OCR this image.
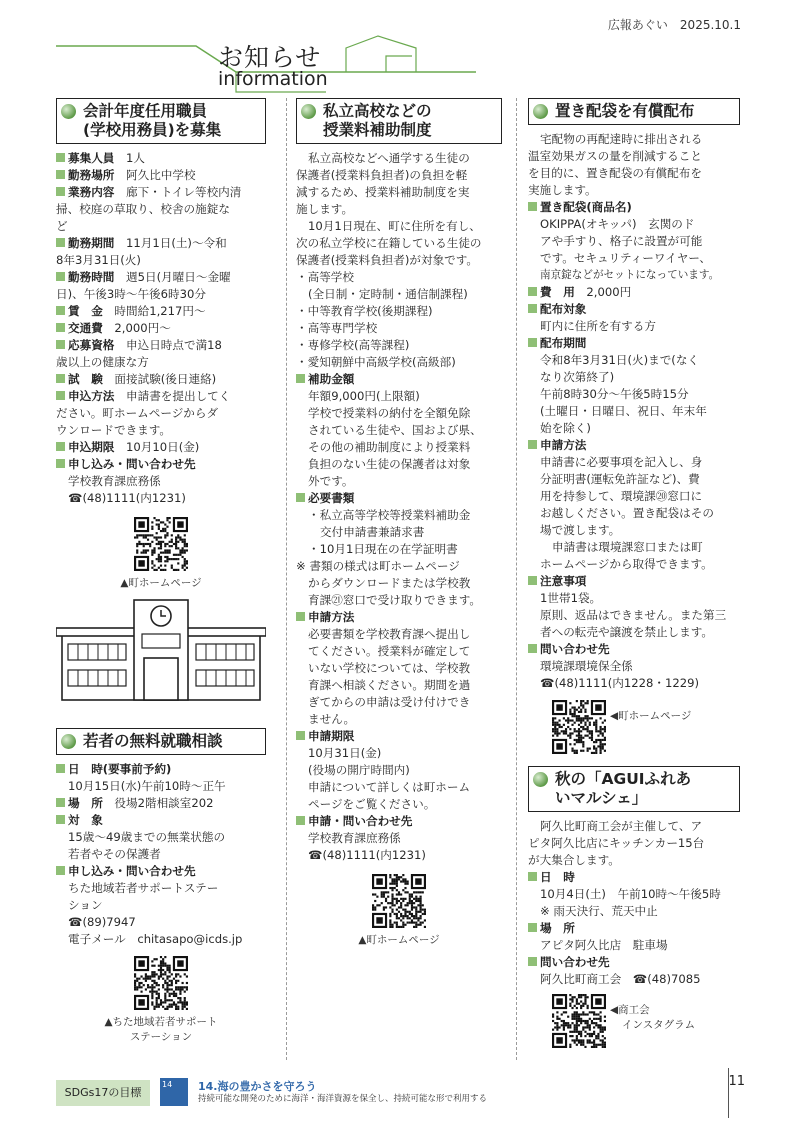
広報あぐい　2025.10.1
お知らせ
information
会計年度任用職員
(学校用務員)を募集
募集人員　 1人
勤務場所　 阿久比中学校
業務内容　 廊下・トイレ等校内清
掃、校庭の草取り、校舎の施錠な
ど
勤務期間　 11月1日(土)～令和
8年3月31日(火)
勤務時間　 週5日(月曜日～金曜
日)、午後3時～午後6時30分
賃　金　 時間給1,217円～
交通費　 2,000円～
応募資格　 申込日時点で満18
歳以上の健康な方
試　験　 面接試験(後日連絡)
申込方法　 申請書を提出してく
ださい。町ホームページからダ
ウンロードできます。
申込期限　 10月10日(金)
申し込み・問い合わせ先
学校教育課庶務係
☎(48)1111(内1231)
▲町ホームページ
若者の無料就職相談
日　時(要事前予約)
10月15日(水)午前10時～正午
場　所　 役場2階相談室202
対　象
15歳～49歳までの無業状態の
若者やその保護者
申し込み・問い合わせ先
ちた地域若者サポートステー
ション
☎(89)7947
電子メール　chitasapo@icds.jp
▲ちた地域若者サポート
ステーション
私立高校などの
授業料補助制度
私立高校などへ通学する生徒の
保護者(授業料負担者)の負担を軽
減するため、授業料補助制度を実
施します。
10月1日現在、町に住所を有し、
次の私立学校に在籍している生徒の
保護者(授業料負担者)が対象です。
・高等学校
(全日制・定時制・通信制課程)
・中等教育学校(後期課程)
・高等専門学校
・専修学校(高等課程)
・愛知朝鮮中高級学校(高級部)
補助金額
年額9,000円(上限額)
学校で授業料の納付を全額免除
されている生徒や、国および県、
その他の補助制度により授業料
負担のない生徒の保護者は対象
外です。
必要書類
・私立高等学校等授業料補助金
交付申請書兼請求書
・10月1日現在の在学証明書
※ 書類の様式は町ホームページ
からダウンロードまたは学校教
育課㉑窓口で受け取りできます。
申請方法
必要書類を学校教育課へ提出し
てください。授業料が確定して
いない学校については、学校教
育課へ相談ください。期間を過
ぎてからの申請は受け付けでき
ません。
申請期限
10月31日(金)
(役場の開庁時間内)
申請について詳しくは町ホーム
ページをご覧ください。
申請・問い合わせ先
学校教育課庶務係
☎(48)1111(内1231)
▲町ホームページ
置き配袋を有償配布
宅配物の再配達時に排出される
温室効果ガスの量を削減すること
を目的に、置き配袋の有償配布を
実施します。
置き配袋(商品名)
OKIPPA(オキッパ)　玄関のド
アや手すり、格子に設置が可能
です。セキュリティーワイヤー、
南京錠などがセットになっています。
費　用　 2,000円
配布対象
町内に住所を有する方
配布期間
令和8年3月31日(火)まで(なく
なり次第終了)
午前8時30分～午後5時15分
(土曜日・日曜日、祝日、年末年
始を除く)
申請方法
申請書に必要事項を記入し、身
分証明書(運転免許証など)、費
用を持参して、環境課⑳窓口に
お越しください。置き配袋はその
場で渡します。
申請書は環境課窓口または町
ホームページから取得できます。
注意事項
1世帯1袋。
原則、返品はできません。また第三
者への転売や譲渡を禁止します。
問い合わせ先
環境課環境保全係
☎(48)1111(内1228・1229)
◀町ホームページ
秋の「AGUIふれあ
いマルシェ」
阿久比町商工会が主催して、ア
ピタ阿久比店にキッチンカー15台
が大集合します。
日　時
10月4日(土)　午前10時～午後5時
※ 雨天決行、荒天中止
場　所
アピタ阿久比店　駐車場
問い合わせ先
阿久比町商工会　☎(48)7085
◀商工会
インスタグラム
SDGs17の目標
14	14.海の豊かさを守ろう
持続可能な開発のために海洋・海洋資源を保全し、持続可能な形で利用する
11
